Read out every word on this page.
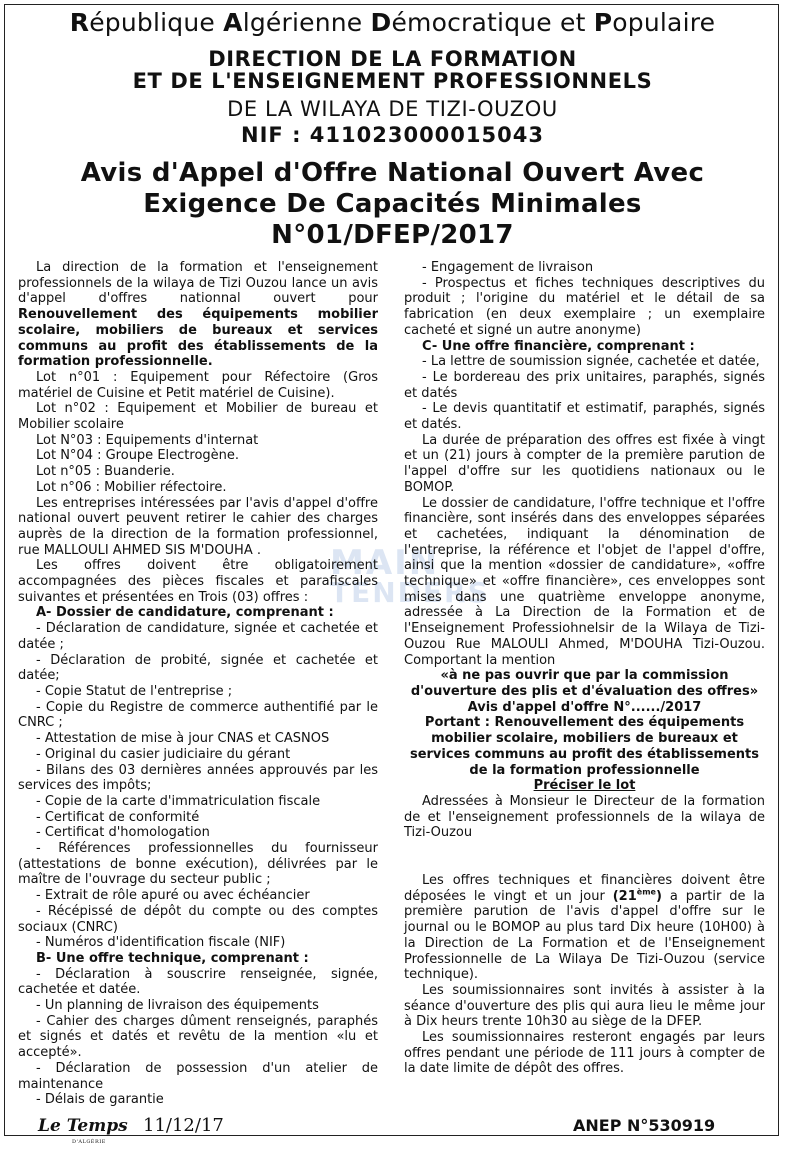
République Algérienne Démocratique et Populaire
DIRECTION DE LA FORMATION
ET DE L'ENSEIGNEMENT PROFESSIONNELS
DE LA WILAYA DE TIZI-OUZOU
NIF : 411023000015043
Avis d'Appel d'Offre National Ouvert Avec
Exigence De Capacités Minimales
N°01/DFEP/2017
MAIN
TENDERS

La direction de la formation et l'enseignement professionnels de la wilaya de Tizi Ouzou lance un avis d'appel d'offres nationnal ouvert pour Renouvellement des équipements mobilier scolaire, mobiliers de bureaux et services communs au profit des établissements de la formation professionnelle.

Lot n°01 : Equipement pour Réfectoire (Gros matériel de Cuisine et Petit matériel de Cuisine).

Lot n°02 : Equipement et Mobilier de bureau et Mobilier scolaire

Lot N°03 : Equipements d'internat

Lot N°04 : Groupe Electrogène.

Lot n°05 : Buanderie.

Lot n°06 : Mobilier réfectoire.

Les entreprises intéressées par l'avis d'appel d'offre national ouvert peuvent retirer le cahier des charges auprès de la direction de la formation professionnel, rue MALLOULI AHMED SIS M'DOUHA .

Les offres doivent être obligatoirement accompagnées des pièces fiscales et parafiscales suivantes et présentées en Trois (03) offres :

A- Dossier de candidature, comprenant :

- Déclaration de candidature, signée et cachetée et datée ;

- Déclaration de probité, signée et cachetée et datée;

- Copie Statut de l'entreprise ;

- Copie du Registre de commerce authentifié par le CNRC ;

- Attestation de mise à jour CNAS et CASNOS

- Original du casier judiciaire du gérant

- Bilans des 03 dernières années approuvés par les services des impôts;

- Copie de la carte d'immatriculation fiscale

- Certificat de conformité

- Certificat d'homologation

- Références professionnelles du fournisseur (attestations de bonne exécution), délivrées par le maître de l'ouvrage du secteur public ;

- Extrait de rôle apuré ou avec échéancier

- Récépissé de dépôt du compte ou des comptes sociaux (CNRC)

- Numéros d'identification fiscale (NIF)

B- Une offre technique, comprenant :

- Déclaration à souscrire renseignée, signée, cachetée et datée.

- Un planning de livraison des équipements

- Cahier des charges dûment renseignés, paraphés et signés et datés et revêtu de la mention «lu et accepté».

- Déclaration de possession d'un atelier de maintenance

- Délais de garantie

- Engagement de livraison

- Prospectus et fiches techniques descriptives du produit ; l'origine du matériel et le détail de sa fabrication (en deux exemplaire ; un exemplaire cacheté et signé un autre anonyme)

C- Une offre financière, comprenant :

- La lettre de soumission signée, cachetée et datée,

- Le bordereau des prix unitaires, paraphés, signés et datés

- Le devis quantitatif et estimatif, paraphés, signés et datés.

La durée de préparation des offres est fixée à vingt et un (21) jours à compter de la première parution de l'appel d'offre sur les quotidiens nationaux ou le BOMOP.

Le dossier de candidature, l'offre technique et l'offre financière, sont insérés dans des enveloppes séparées et cachetées, indiquant la dénomination de l'entreprise, la référence et l'objet de l'appel d'offre, ainsi que la mention «dossier de candidature», «offre technique» et «offre financière», ces enveloppes sont mises dans une quatrième enveloppe anonyme, adressée à La Direction de la Formation et de l'Enseignement Professiohnelsir de la Wilaya de Tizi-Ouzou Rue MALOULI Ahmed, M'DOUHA Tizi-Ouzou. Comportant la mention

«à ne pas ouvrir que par la commission d'ouverture des plis et d'évaluation des offres» Avis d'appel d'offre N°....../2017

Portant : Renouvellement des équipements mobilier scolaire, mobiliers de bureaux et services communs au profit des établissements de la formation professionnelle

Préciser le lot

Adressées à Monsieur le Directeur de la formation de et l'enseignement professionnels de la wilaya de Tizi-Ouzou

Les offres techniques et financières doivent être déposées le vingt et un jour (21ème) a partir de la première parution de l'avis d'appel d'offre sur le journal ou le BOMOP au plus tard Dix heure (10H00) à la Direction de La Formation et de l'Enseignement Professionnelle de La Wilaya De Tizi-Ouzou (service technique).

Les soumissionnaires sont invités à assister à la séance d'ouverture des plis qui aura lieu le même jour à Dix heurs trente 10h30 au siège de la DFEP.

Les soumissionnaires resteront engagés par leurs offres pendant une période de 111 jours à compter de la date limite de dépôt des offres.

Le Temps
D'ALGÉRIE
11/12/17	ANEP N°530919
